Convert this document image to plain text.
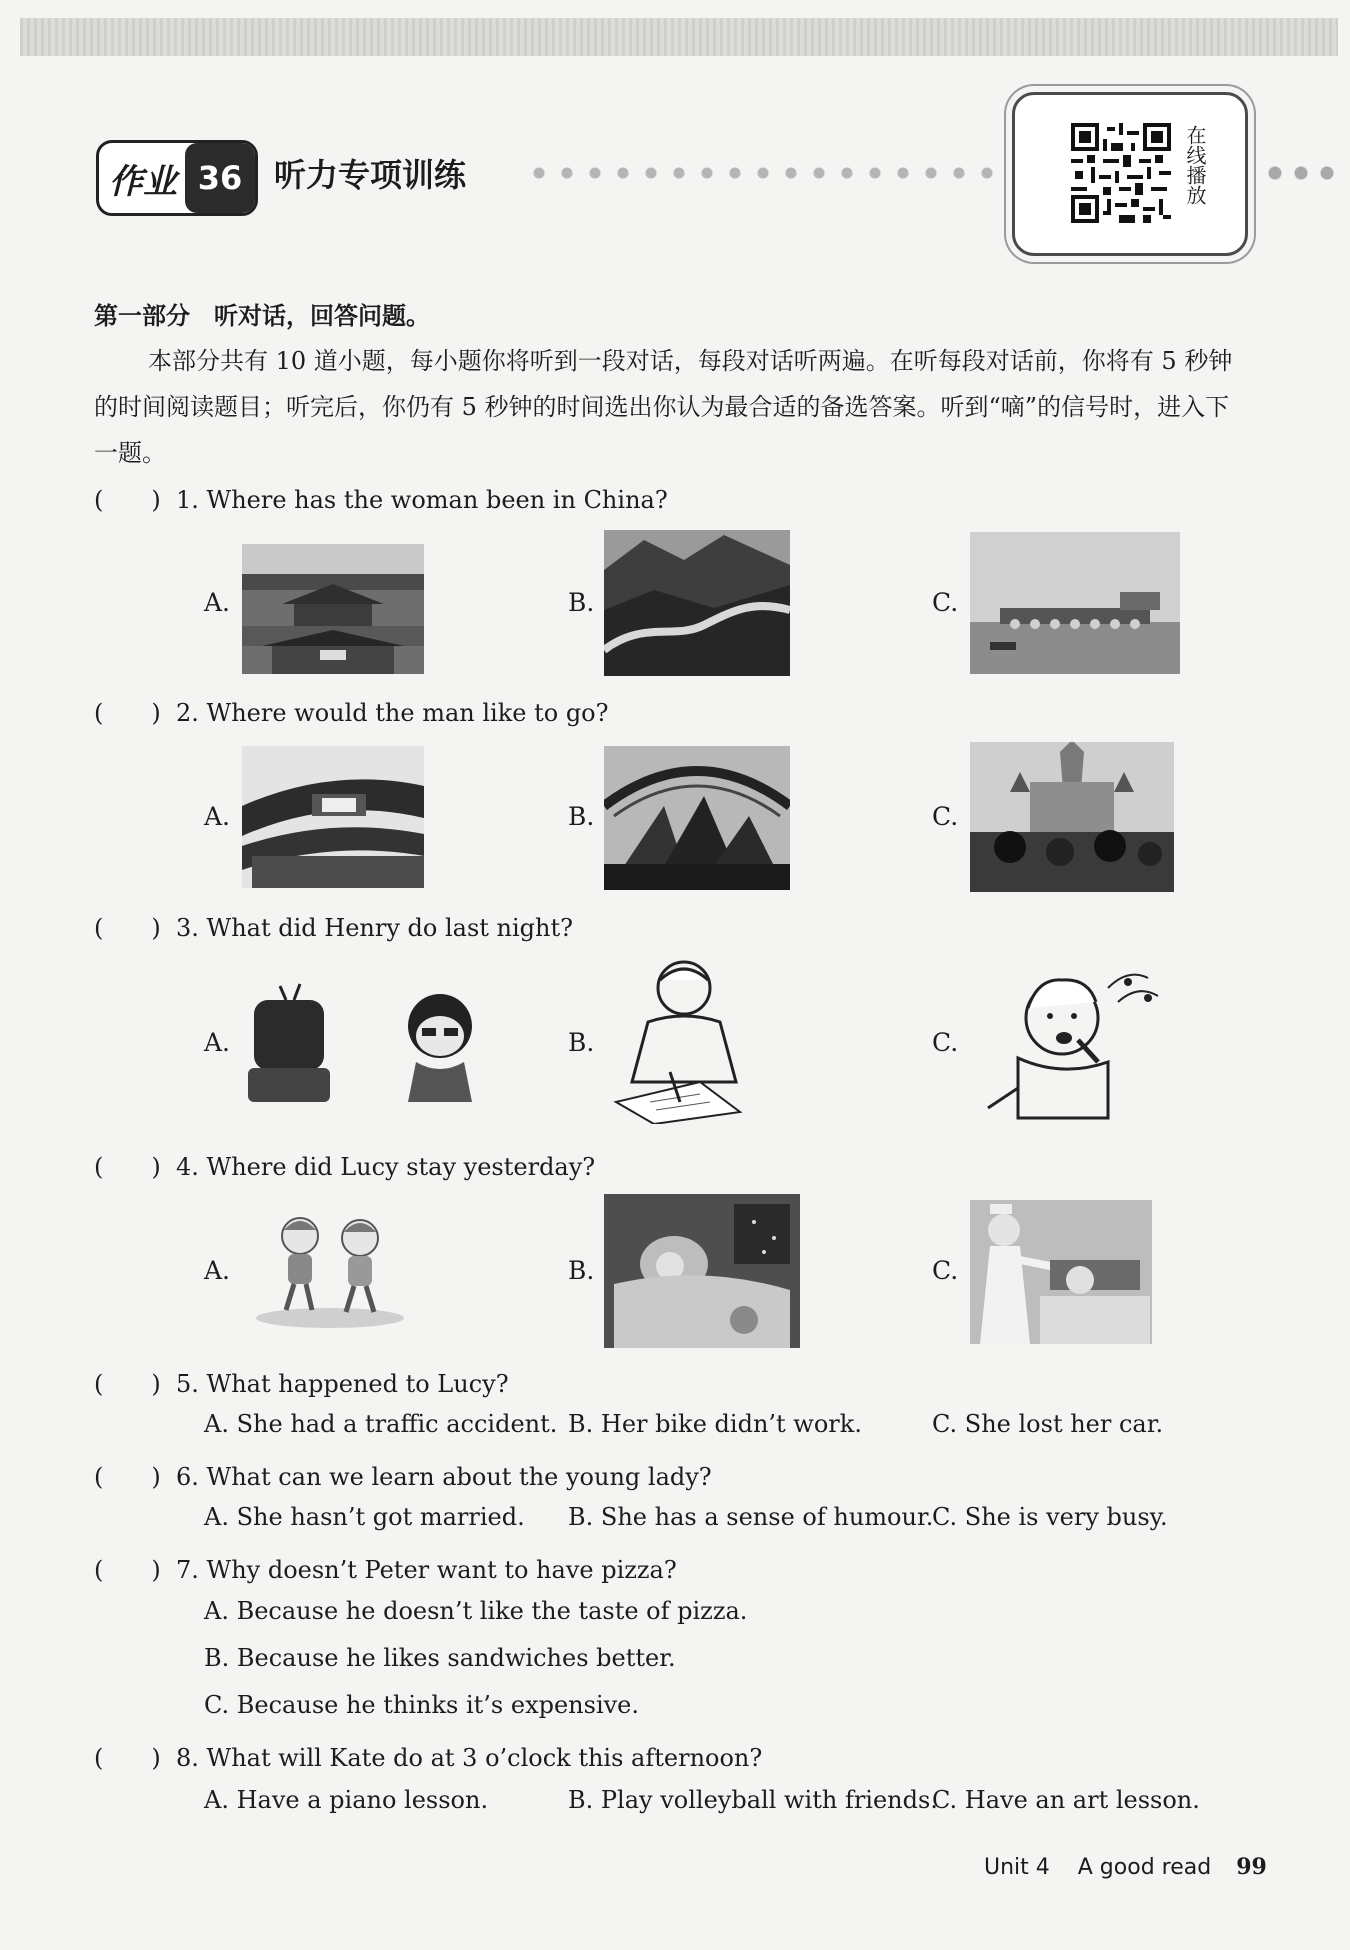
作业 36 听力专项训练	在线播放
第一部分　听对话，回答问题。
本部分共有 10 道小题，每小题你将听到一段对话，每段对话听两遍。在听每段对话前，你将有 5 秒钟的时间阅读题目；听完后，你仍有 5 秒钟的时间选出你认为最合适的备选答案。听到“嘀”的信号时，进入下一题。
(　　) 1. Where has the woman been in China?
A.	B.	C.
(　　) 2. Where would the man like to go?
A.	B.	C.
(　　) 3. What did Henry do last night?
A.	B.	C.
(　　) 4. Where did Lucy stay yesterday?
A.	B.	C.
(　　) 5. What happened to Lucy?
A. She had a traffic accident. B. Her bike didn’t work.	C. She lost her car.
(　　) 6. What can we learn about the young lady?
A. She hasn’t got married. B. She has a sense of humour.
C. She is very busy.
(　　) 7. Why doesn’t Peter want to have pizza?
A. Because he doesn’t like the taste of pizza.
B. Because he likes sandwiches better.
C. Because he thinks it’s expensive.
(　　) 8. What will Kate do at 3 o’clock this afternoon?
A. Have a piano lesson.	B. Play volleyball with friends.
C. Have an art lesson.
Unit 4 A good read 99
